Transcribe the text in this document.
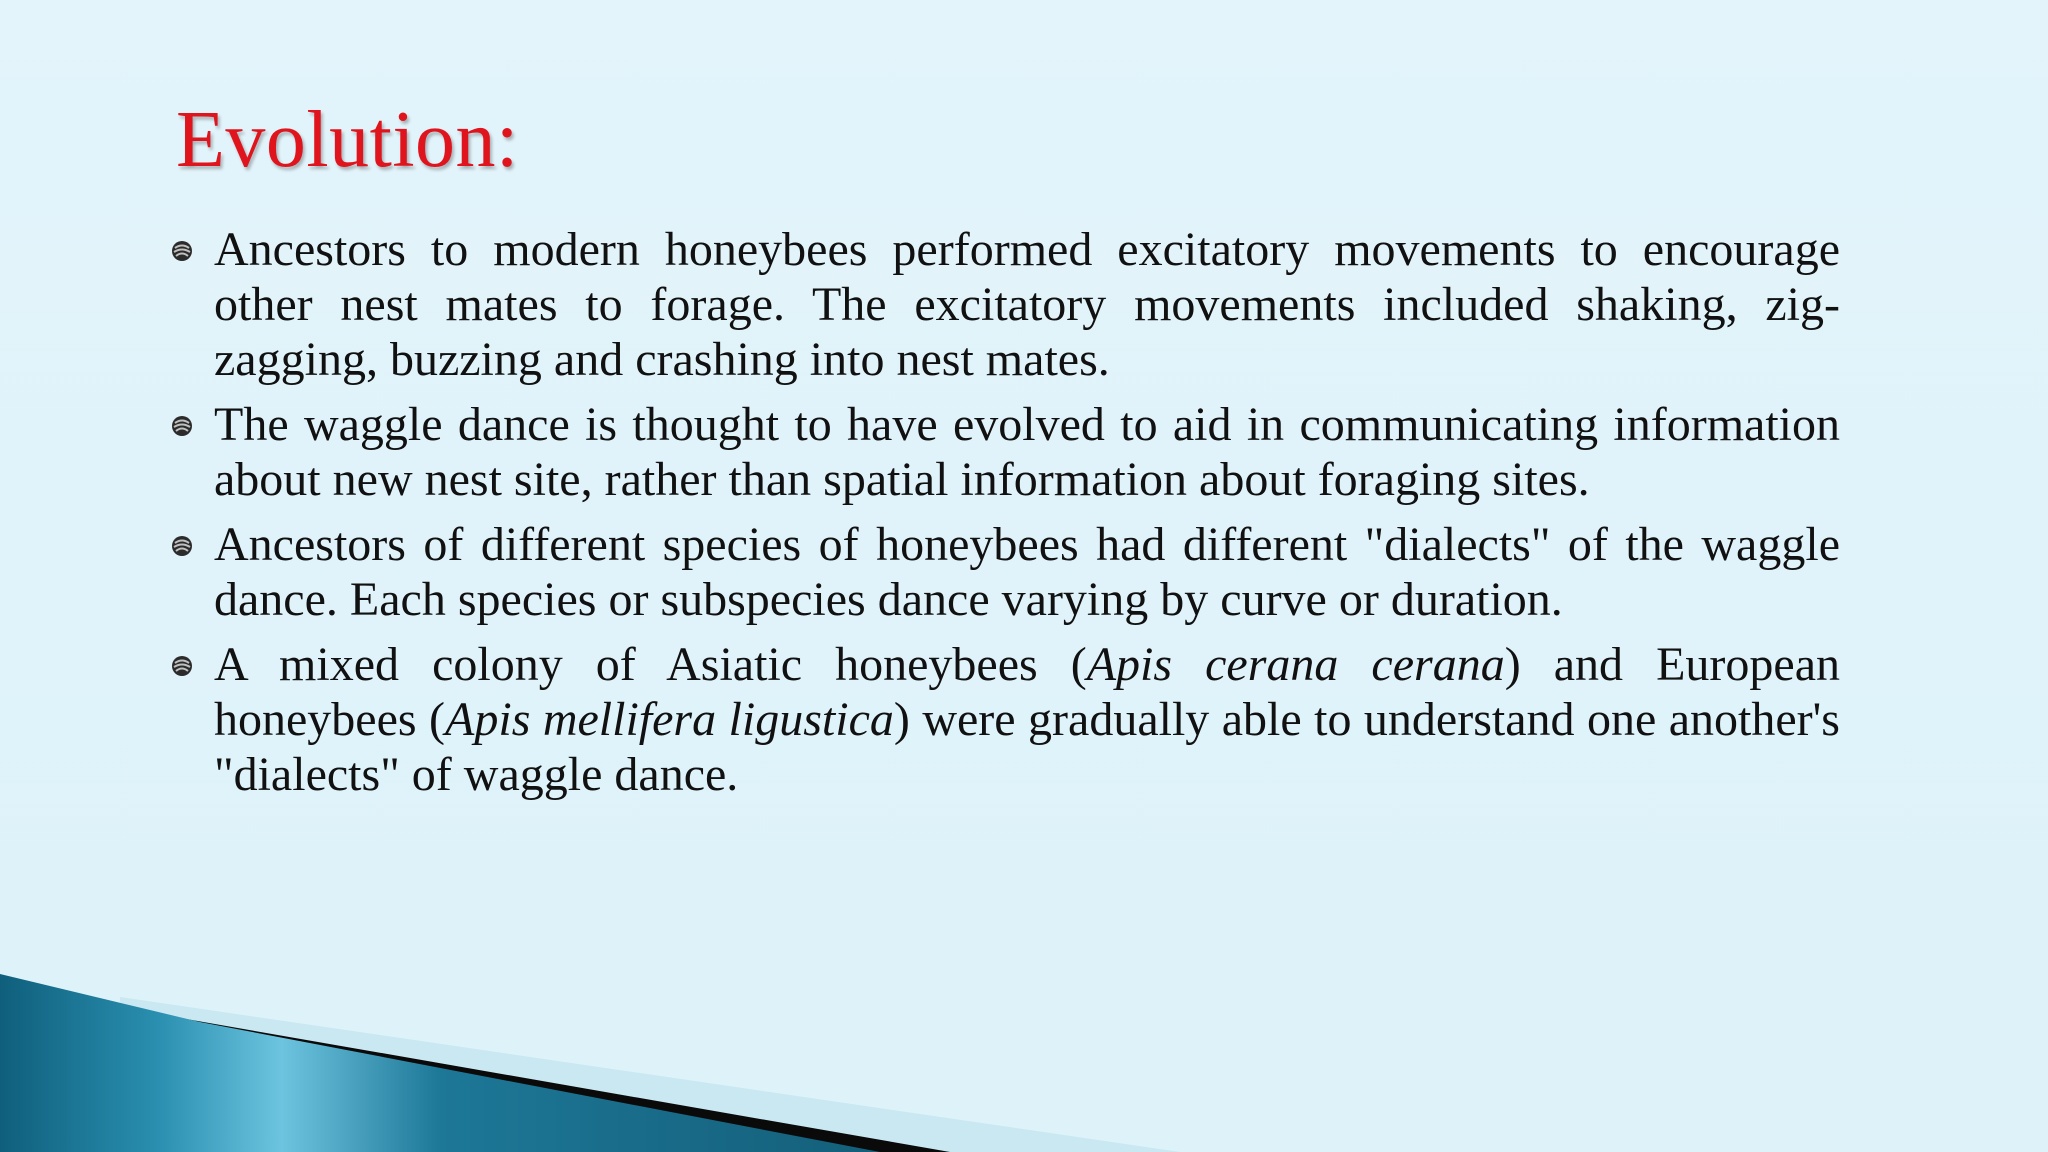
Evolution:
Ancestors to modern honeybees performed excitatory movements to encourage other nest mates to forage. The excitatory movements included shaking, zig-zagging, buzzing and crashing into nest mates.
The waggle dance is thought to have evolved to aid in communicating information about new nest site, rather than spatial information about foraging sites.
Ancestors of different species of honeybees had different "dialects" of the waggle dance. Each species or subspecies dance varying by curve or duration.
A mixed colony of Asiatic honeybees (Apis cerana cerana) and European honeybees (Apis mellifera ligustica) were gradually able to understand one another's "dialects" of waggle dance.
